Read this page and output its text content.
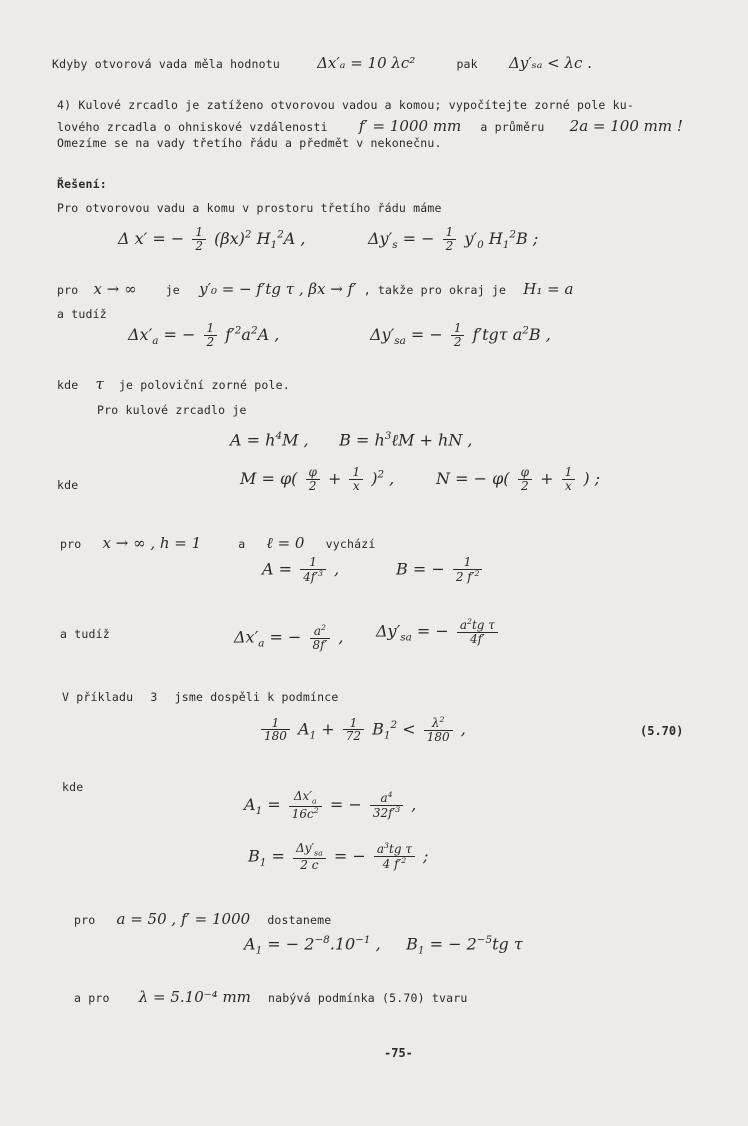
Kdyby otvorová vada měla hodnotu Δx′ₐ = 10 λc²	pak Δy′ₛₐ < λc .
4) Kulové zrcadlo je zatíženo otvorovou vadou a komou; vypočítejte zorné pole ku-
lového zrcadla o ohniskové vzdálenosti f′ = 1000 mm a průměru 2a = 100 mm !
Omezíme se na vady třetího řádu a předmět v nekonečnu.
Řešení:
Pro otvorovou vadu a komu v prostoru třetího řádu máme
Δ x′ = − $\frac{1}{2} (\beta x)^2$ $H_1^2A$ ,	$\Delta y'_s$ = − $\frac{1}{2} y'_0$ $H_1^2B$ ;
pro x → ∞	je y′₀ = − f′tg τ , βx → f′ , takže pro okraj je H₁ = a
a tudíž
$\Delta x'_a$ = − $\frac{1}{2} f'^2a^2A$ ,	$\Delta y'_{sa}$ = − $\frac{1}{2} f'tg\tau$ $a^2B$ ,
kde τ je poloviční zorné pole.
Pro kulové zrcadlo je
$A = h^4M$ ,      $B = h^3\ell M$ + hN ,
kde	$M = \varphi( \frac{\varphi}{2} + \frac{1}{x} )^2$ ,	N = − $\varphi( \frac{\varphi}{2} + \frac{1}{x}$ ) ;
pro x → ∞ , h = 1	a ℓ = 0 vychází
$A = \frac{1}{4f'^3}$ ,	B = − $\frac{1}{2 f'^2}$
a tudíž	$\Delta x'_a$ = − $\frac{a^2}{8f'}$ , $\Delta y'_{sa}$ = − $\frac{a^2tg \tau}{4f'}$
V příkladu 3 jsme dospěli k podmínce
$\frac{1}{180} A_1 + \frac{1}{72} B_1^2 < \frac{\lambda^2}{180}$ ,	(5.70)
kde
$A_1 = \frac{\Delta x'_a}{16c^2}$ = − $\frac{a^4}{32f'^3}$ ,
$B_1 = \frac{\Delta y'_{sa}}{2 c}$ = − $\frac{a^3tg \tau}{4 f'^2}$ ;
pro a = 50 , f′ = 1000 dostaneme
$A_1$ = − $2^{-8}.10^{-1}$ ,     $B_1$ = − $2^{-5}tg$ τ
a pro λ = 5.10⁻⁴ mm nabývá podmínka (5.70) tvaru
-75-
